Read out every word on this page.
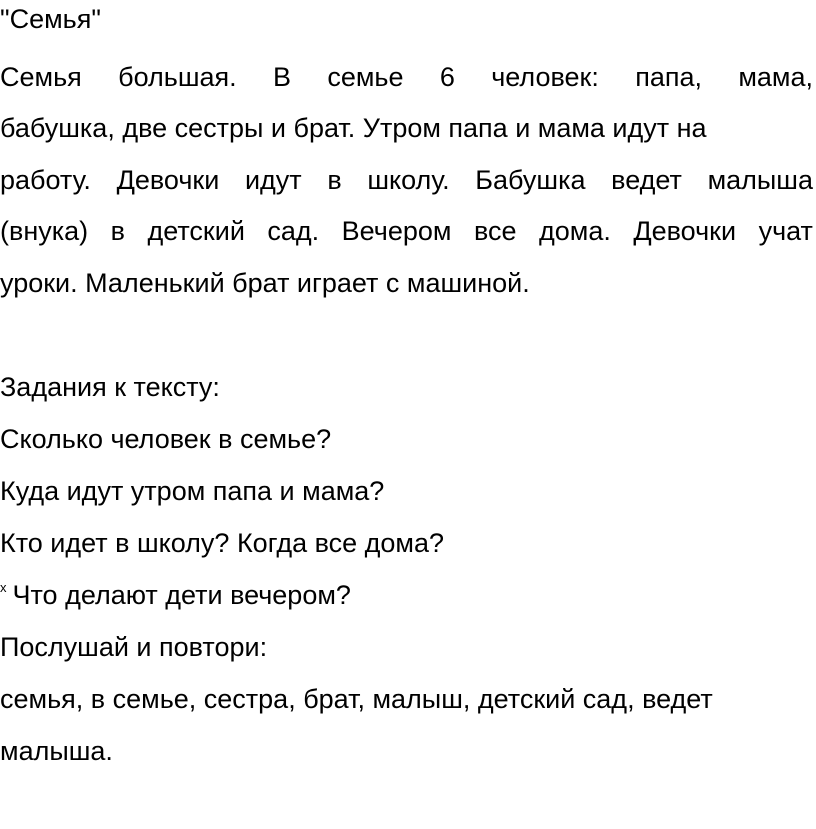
"Семья"
Семья большая. В семье 6 человек: папа, мама,
бабушка, две сестры и брат. Утром папа и мама идут на
работу. Девочки идут в школу. Бабушка ведет малыша
(внука) в детский сад. Вечером все дома. Девочки учат
уроки. Маленький брат играет с машиной.
Задания к тексту:
Сколько человек в семье?
Куда идут утром папа и мама?
Кто идет в школу? Когда все дома?
$^x$ Что делают дети вечером?
Послушай и повтори:
семья, в семье, сестра, брат, малыш, детский сад, ведет
малыша.
